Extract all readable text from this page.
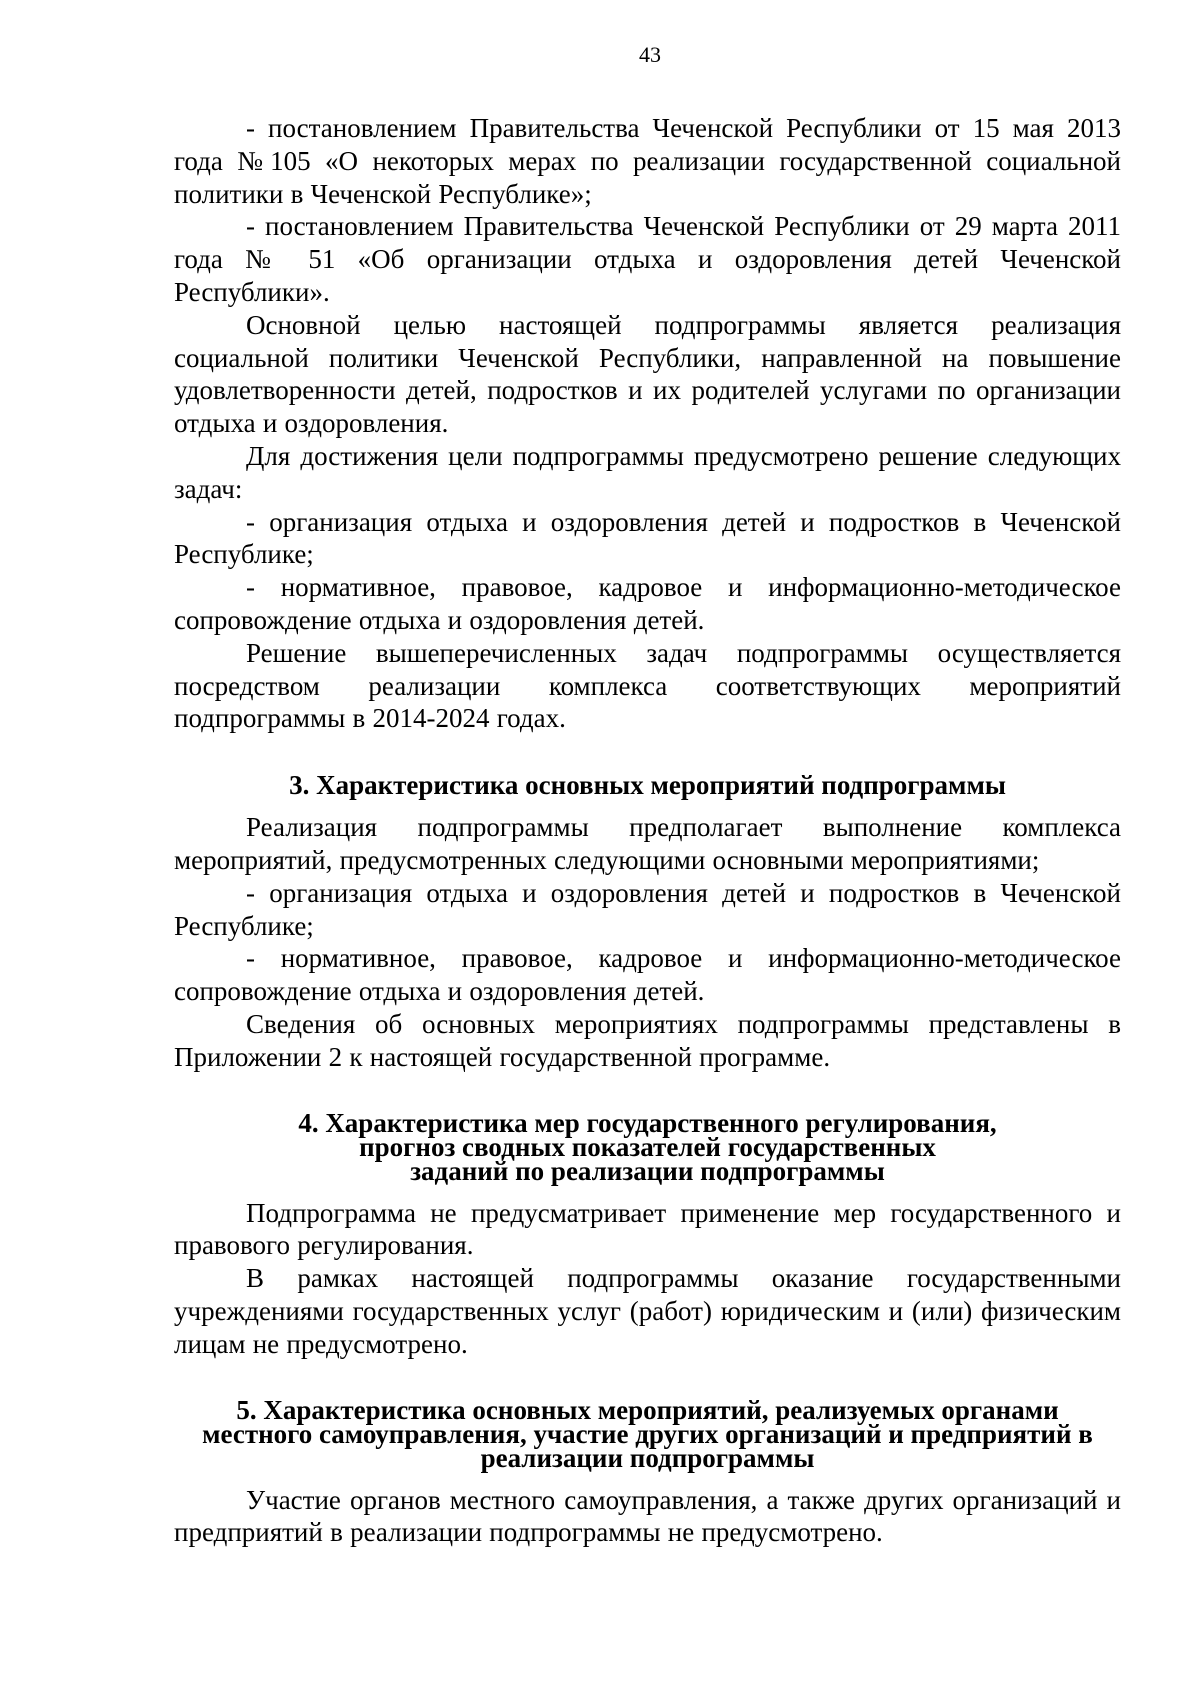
43

- постановлением Правительства Чеченской Республики от 15 мая 2013 года №105 «О некоторых мерах по реализации государственной социальной политики в Чеченской Республике»;

- постановлением Правительства Чеченской Республики от 29 марта 2011 года № 51 «Об организации отдыха и оздоровления детей Чеченской Республики».

Основной целью настоящей подпрограммы является реализация социальной политики Чеченской Республики, направленной на повышение удовлетворенности детей, подростков и их родителей услугами по организации отдыха и оздоровления.

Для достижения цели подпрограммы предусмотрено решение следующих задач:

- организация отдыха и оздоровления детей и подростков в Чеченской Республике;

- нормативное, правовое, кадровое и информационно-методическое сопровождение отдыха и оздоровления детей.

Решение вышеперечисленных задач подпрограммы осуществляется посредством реализации комплекса соответствующих мероприятий подпрограммы в 2014-2024 годах.

3. Характеристика основных мероприятий подпрограммы

Реализация подпрограммы предполагает выполнение комплекса мероприятий, предусмотренных следующими основными мероприятиями;

- организация отдыха и оздоровления детей и подростков в Чеченской Республике;

- нормативное, правовое, кадровое и информационно-методическое сопровождение отдыха и оздоровления детей.

Сведения об основных мероприятиях подпрограммы представлены в Приложении 2 к настоящей государственной программе.

4. Характеристика мер государственного регулирования,
прогноз сводных показателей государственных
заданий по реализации подпрограммы

Подпрограмма не предусматривает применение мер государственного и правового регулирования.

В рамках настоящей подпрограммы оказание государственными учреждениями государственных услуг (работ) юридическим и (или) физическим лицам не предусмотрено.

5. Характеристика основных мероприятий, реализуемых органами
местного самоуправления, участие других организаций и предприятий в
реализации подпрограммы

Участие органов местного самоуправления, а также других организаций и предприятий в реализации подпрограммы не предусмотрено.
